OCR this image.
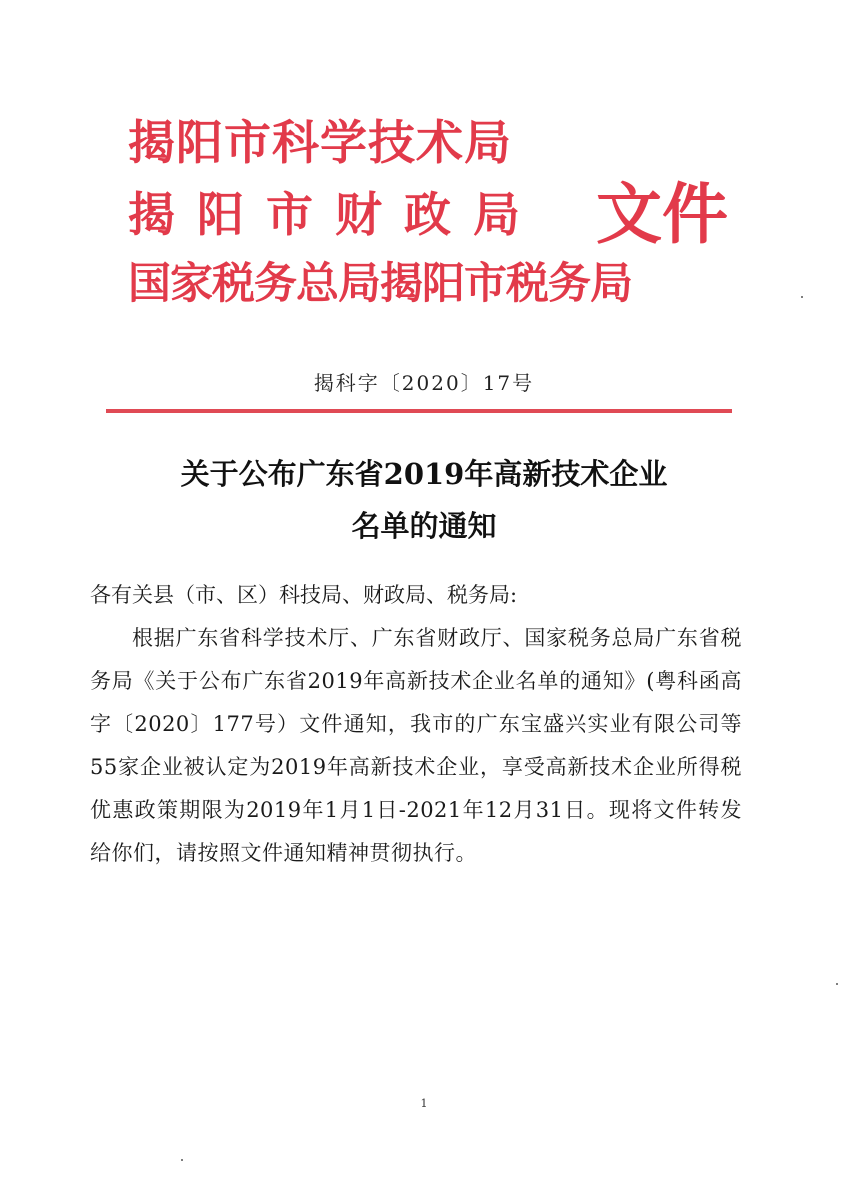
揭阳市科学技术局
揭阳市财政局
国家税务总局揭阳市税务局
文件
揭科字〔2020〕17号
关于公布广东省2019年高新技术企业
名单的通知

各有关县（市、区）科技局、财政局、税务局:

根据广东省科学技术厅、广东省财政厅、国家税务总局广东省税务局《关于公布广东省2019年高新技术企业名单的通知》(粤科函高字〔2020〕177号）文件通知，我市的广东宝盛兴实业有限公司等55家企业被认定为2019年高新技术企业，享受高新技术企业所得税优惠政策期限为2019年1月1日-2021年12月31日。现将文件转发给你们，请按照文件通知精神贯彻执行。

1
